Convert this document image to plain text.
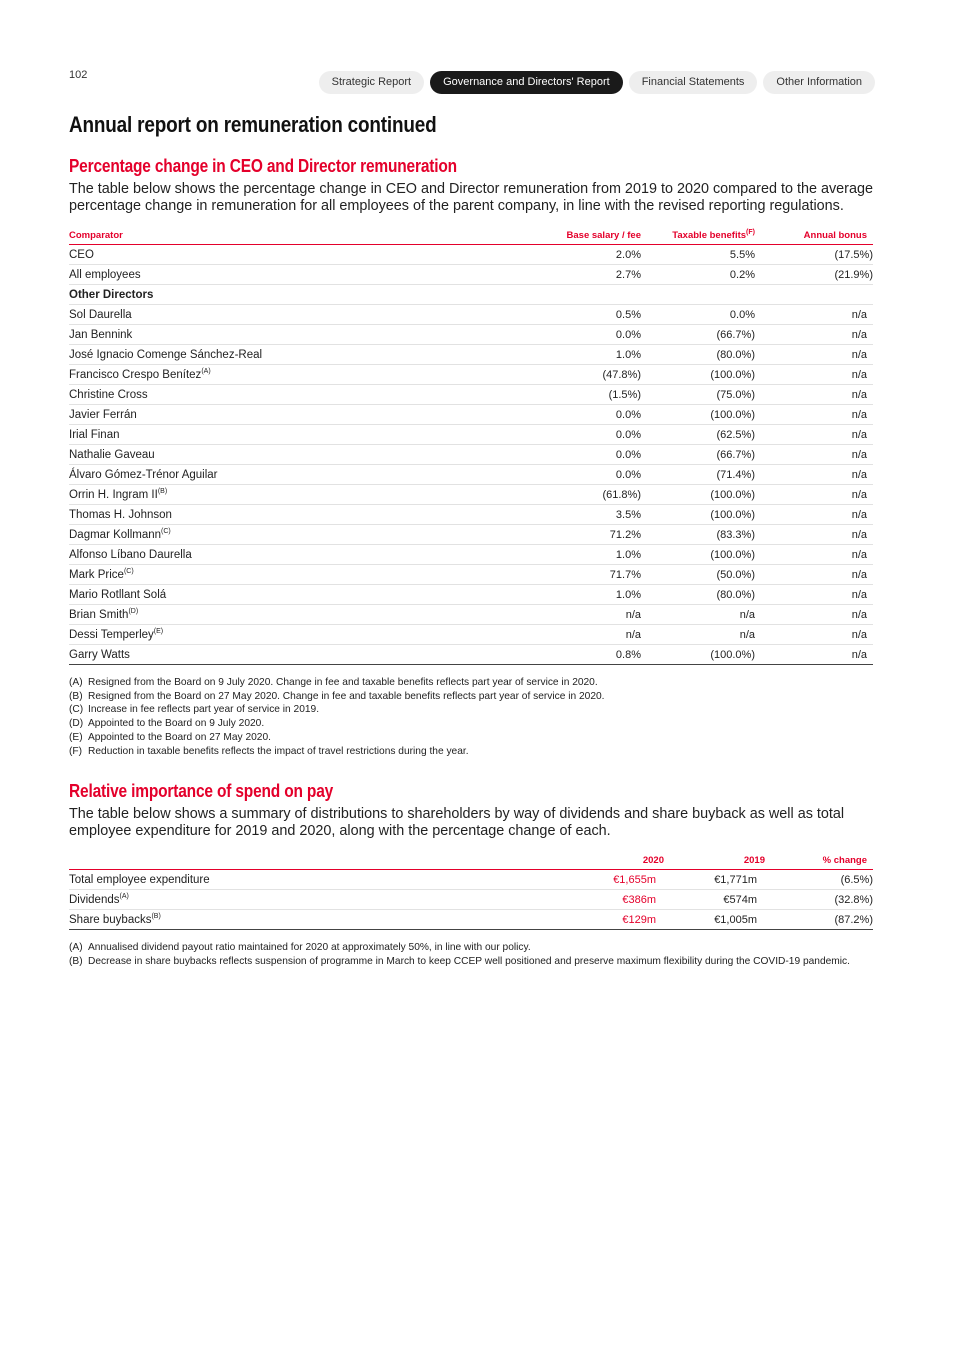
102
Strategic Report	Governance and Directors' Report	Financial Statements	Other Information
Annual report on remuneration continued
Percentage change in CEO and Director remuneration

The table below shows the percentage change in CEO and Director remuneration from 2019 to 2020 compared to the average percentage change in remuneration for all employees of the parent company, in line with the revised reporting regulations.

Comparator	Base salary / fee	Taxable benefits$^{(F)}$	Annual bonus
CEO	2.0%	5.5%	(17.5%)
All employees	2.7%	0.2%	(21.9%)
Other Directors			
Sol Daurella	0.5%	0.0%	n/a
Jan Bennink	0.0%	(66.7%)	n/a
José Ignacio Comenge Sánchez-Real	1.0%	(80.0%)	n/a
Francisco Crespo Benítez$^{(A)}$	(47.8%)	(100.0%)	n/a
Christine Cross	(1.5%)	(75.0%)	n/a
Javier Ferrán	0.0%	(100.0%)	n/a
Irial Finan	0.0%	(62.5%)	n/a
Nathalie Gaveau	0.0%	(66.7%)	n/a
Álvaro Gómez-Trénor Aguilar	0.0%	(71.4%)	n/a
Orrin H. Ingram $II^{(B)}$	(61.8%)	(100.0%)	n/a
Thomas H. Johnson	3.5%	(100.0%)	n/a
Dagmar Kollmann$^{(C)}$	71.2%	(83.3%)	n/a
Alfonso Líbano Daurella	1.0%	(100.0%)	n/a
Mark Price$^{(C)}$	71.7%	(50.0%)	n/a
Mario Rotllant Solá	1.0%	(80.0%)	n/a
Brian Smith$^{(D)}$	n/a	n/a	n/a
Dessi Temperley$^{(E)}$	n/a	n/a	n/a
Garry Watts	0.8%	(100.0%)	n/a
(A) Resigned from the Board on 9 July 2020. Change in fee and taxable benefits reflects part year of service in 2020.
(B) Resigned from the Board on 27 May 2020. Change in fee and taxable benefits reflects part year of service in 2020.
(C) Increase in fee reflects part year of service in 2019.
(D) Appointed to the Board on 9 July 2020.
(E) Appointed to the Board on 27 May 2020.
(F) Reduction in taxable benefits reflects the impact of travel restrictions during the year.
Relative importance of spend on pay

The table below shows a summary of distributions to shareholders by way of dividends and share buyback as well as total employee expenditure for 2019 and 2020, along with the percentage change of each.

	2020	2019	% change
Total employee expenditure	€1,655m	€1,771m	(6.5%)
Dividends$^{(A)}$	€386m	€574m	(32.8%)
Share buybacks$^{(B)}$	€129m	€1,005m	(87.2%)
(A) Annualised dividend payout ratio maintained for 2020 at approximately 50%, in line with our policy.
(B) Decrease in share buybacks reflects suspension of programme in March to keep CCEP well positioned and preserve maximum flexibility during the COVID-19 pandemic.
